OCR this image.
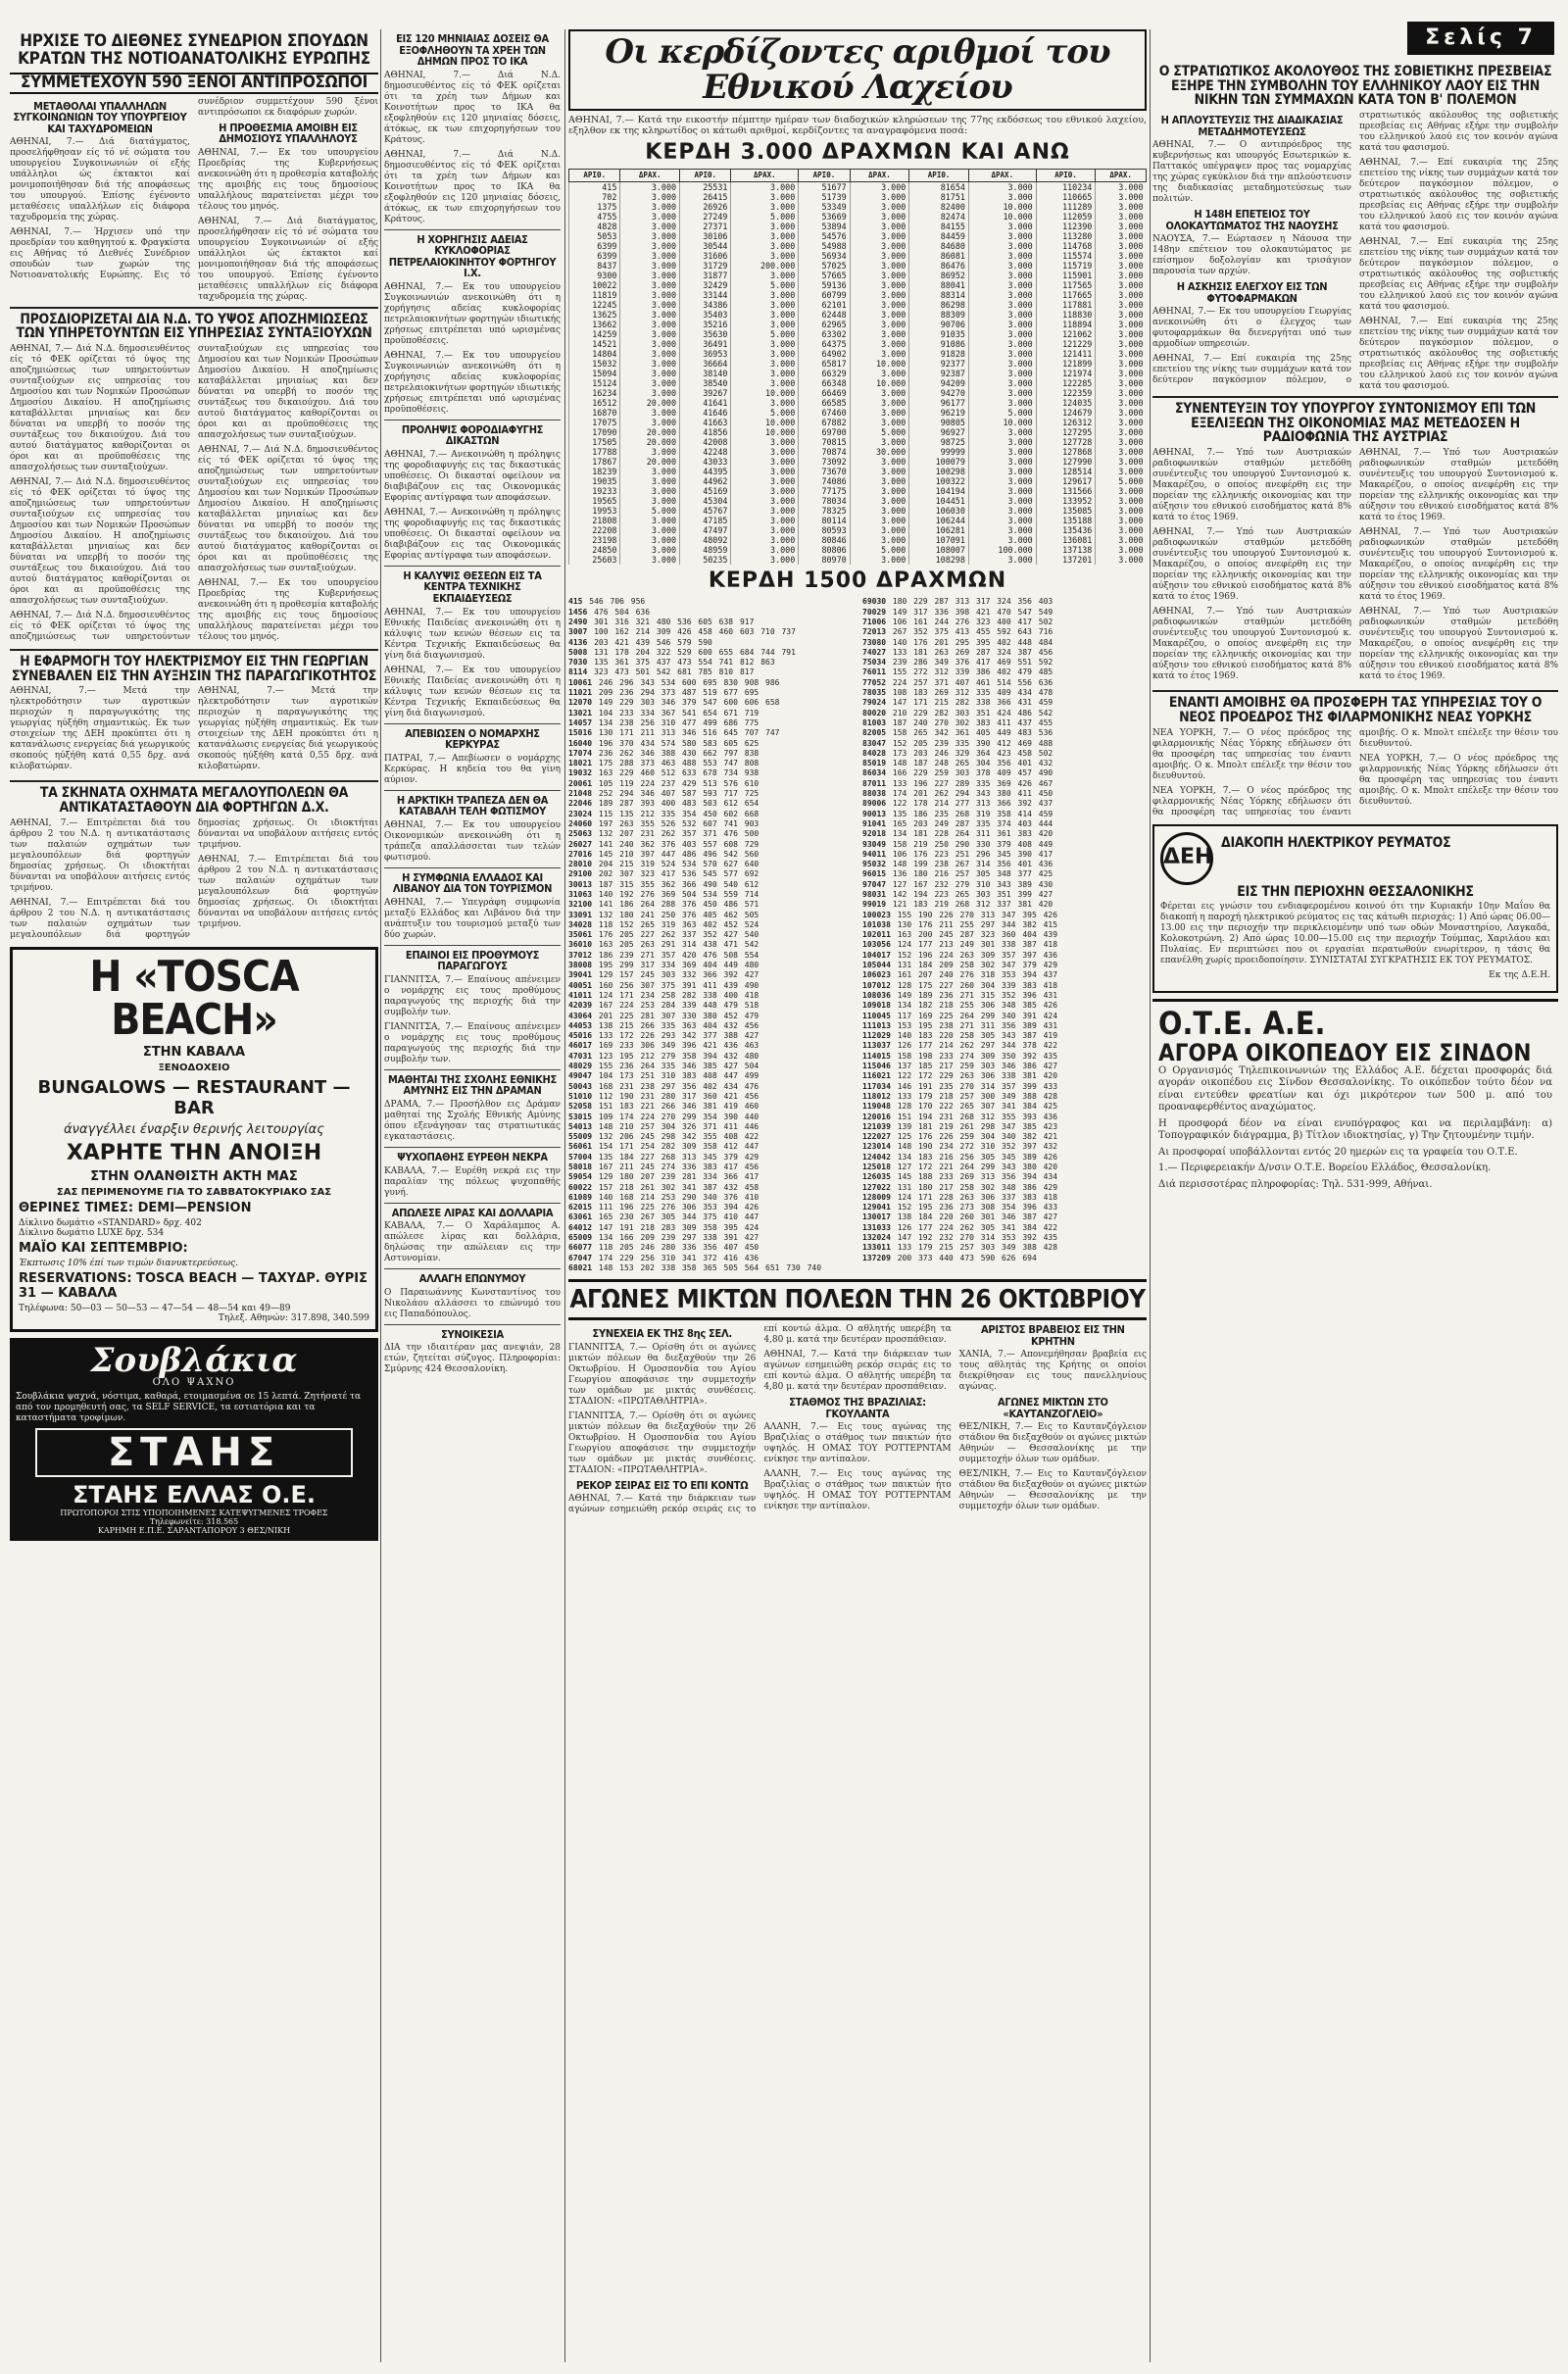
Σελίς 7
ΗΡΧΙΣΕ ΤΟ ΔΙΕΘΝΕΣ ΣΥΝΕΔΡΙΟΝ ΣΠΟΥΔΩΝ ΚΡΑΤΩΝ ΤΗΣ ΝΟΤΙΟΑΝΑΤΟΛΙΚΗΣ ΕΥΡΩΠΗΣ
ΣΥΜΜΕΤΕΧΟΥΝ 590 ΞΕΝΟΙ ΑΝΤΙΠΡΟΣΩΠΟΙ
ΜΕΤΑΘΟΛΑΙ ΥΠΑΛΛΗΛΩΝ ΣΥΓΚΟΙΝΩΝΙΩΝ ΤΟΥ ΥΠΟΥΡΓΕΙΟΥ ΚΑΙ ΤΑΧΥΔΡΟΜΕΙΩΝ

ΑΘΗΝΑΙ, 7.— Διά διατάγματος, προσελήφθησαν είς τό νέ σώματα του υπουργείου Συγκοινωνιών οί εξής υπάλληλοι ώς έκτακτοι καί μονιμοποιήθησαν διά τής αποφάσεως του υπουργού. Έπίσης έγένοντο μεταθέσεις υπαλλήλων είς διάφορα ταχυδρομεία της χώρας.

ΑΘΗΝΑΙ, 7.— Ήρχισεν υπό την προεδρίαν του καθηγητού κ. Φραγκίστα εις Αθήνας τό Διεθνές Συνέδριον σπουδών των χωρών της Νοτιοανατολικής Ευρώπης. Εις τό συνέδριον συμμετέχουν 590 ξένοι αντιπρόσωποι εκ διαφόρων χωρών.

Η ΠΡΟΘΕΣΜΙΑ ΑΜΟΙΒΗ ΕΙΣ ΔΗΜΟΣΙΟΥΣ ΥΠΑΛΛΗΛΟΥΣ

ΑΘΗΝΑΙ, 7.— Εκ του υπουργείου Προεδρίας της Κυβερνήσεως ανεκοινώθη ότι η προθεσμία καταβολής της αμοιβής εις τους δημοσίους υπαλλήλους παρατείνεται μέχρι του τέλους του μηνός.

ΑΘΗΝΑΙ, 7.— Διά διατάγματος, προσελήφθησαν είς τό νέ σώματα του υπουργείου Συγκοινωνιών οί εξής υπάλληλοι ώς έκτακτοι καί μονιμοποιήθησαν διά τής αποφάσεως του υπουργού. Έπίσης έγένοντο μεταθέσεις υπαλλήλων είς διάφορα ταχυδρομεία της χώρας.

ΠΡΟΣΔΙΟΡΙΖΕΤΑΙ ΔΙΑ Ν.Δ. ΤΟ ΥΨΟΣ ΑΠΟΖΗΜΙΩΣΕΩΣ ΤΩΝ ΥΠΗΡΕΤΟΥΝΤΩΝ ΕΙΣ ΥΠΗΡΕΣΙΑΣ ΣΥΝΤΑΞΙΟΥΧΩΝ

ΑΘΗΝΑΙ, 7.— Διά Ν.Δ. δημοσιευθέντος είς τό ΦΕΚ ορίζεται τό ύψος της αποζημιώσεως των υπηρετούντων συνταξιούχων εις υπηρεσίας του Δημοσίου και των Νομικών Προσώπων Δημοσίου Δικαίου. Η αποζημίωσις καταβάλλεται μηνιαίως και δεν δύναται να υπερβή το ποσόν της συντάξεως του δικαιούχου. Διά του αυτού διατάγματος καθορίζονται οι όροι και αι προϋποθέσεις της απασχολήσεως των συνταξιούχων.

ΑΘΗΝΑΙ, 7.— Διά Ν.Δ. δημοσιευθέντος είς τό ΦΕΚ ορίζεται τό ύψος της αποζημιώσεως των υπηρετούντων συνταξιούχων εις υπηρεσίας του Δημοσίου και των Νομικών Προσώπων Δημοσίου Δικαίου. Η αποζημίωσις καταβάλλεται μηνιαίως και δεν δύναται να υπερβή το ποσόν της συντάξεως του δικαιούχου. Διά του αυτού διατάγματος καθορίζονται οι όροι και αι προϋποθέσεις της απασχολήσεως των συνταξιούχων.

ΑΘΗΝΑΙ, 7.— Διά Ν.Δ. δημοσιευθέντος είς τό ΦΕΚ ορίζεται τό ύψος της αποζημιώσεως των υπηρετούντων συνταξιούχων εις υπηρεσίας του Δημοσίου και των Νομικών Προσώπων Δημοσίου Δικαίου. Η αποζημίωσις καταβάλλεται μηνιαίως και δεν δύναται να υπερβή το ποσόν της συντάξεως του δικαιούχου. Διά του αυτού διατάγματος καθορίζονται οι όροι και αι προϋποθέσεις της απασχολήσεως των συνταξιούχων.

ΑΘΗΝΑΙ, 7.— Διά Ν.Δ. δημοσιευθέντος είς τό ΦΕΚ ορίζεται τό ύψος της αποζημιώσεως των υπηρετούντων συνταξιούχων εις υπηρεσίας του Δημοσίου και των Νομικών Προσώπων Δημοσίου Δικαίου. Η αποζημίωσις καταβάλλεται μηνιαίως και δεν δύναται να υπερβή το ποσόν της συντάξεως του δικαιούχου. Διά του αυτού διατάγματος καθορίζονται οι όροι και αι προϋποθέσεις της απασχολήσεως των συνταξιούχων.

ΑΘΗΝΑΙ, 7.— Εκ του υπουργείου Προεδρίας της Κυβερνήσεως ανεκοινώθη ότι η προθεσμία καταβολής της αμοιβής εις τους δημοσίους υπαλλήλους παρατείνεται μέχρι του τέλους του μηνός.

Η ΕΦΑΡΜΟΓΗ ΤΟΥ ΗΛΕΚΤΡΙΣΜΟΥ ΕΙΣ ΤΗΝ ΓΕΩΡΓΙΑΝ ΣΥΝΕΒΑΛΕΝ ΕΙΣ ΤΗΝ ΑΥΞΗΣΙΝ ΤΗΣ ΠΑΡΑΓΩΓΙΚΟΤΗΤΟΣ

ΑΘΗΝΑΙ, 7.— Μετά την ηλεκτροδότησιν των αγροτικών περιοχών η παραγωγικότης της γεωργίας ηύξήθη σημαντικώς. Εκ των στοιχείων της ΔΕΗ προκύπτει ότι η κατανάλωσις ενεργείας διά γεωργικούς σκοπούς ηύξήθη κατά 0,55 δρχ. ανά κιλοβατώραν.

ΑΘΗΝΑΙ, 7.— Μετά την ηλεκτροδότησιν των αγροτικών περιοχών η παραγωγικότης της γεωργίας ηύξήθη σημαντικώς. Εκ των στοιχείων της ΔΕΗ προκύπτει ότι η κατανάλωσις ενεργείας διά γεωργικούς σκοπούς ηύξήθη κατά 0,55 δρχ. ανά κιλοβατώραν.

ΤΑ ΣΚΗΝΑΤΑ ΟΧΗΜΑΤΑ ΜΕΓΑΛΟΥΠΟΛΕΩΝ ΘΑ ΑΝΤΙΚΑΤΑΣΤΑΘΟΥΝ ΔΙΑ ΦΟΡΤΗΓΩΝ Δ.Χ.

ΑΘΗΝΑΙ, 7.— Επιτρέπεται διά του άρθρου 2 του Ν.Δ. η αντικατάστασις των παλαιών οχημάτων των μεγαλουπόλεων διά φορτηγών δημοσίας χρήσεως. Οι ιδιοκτήται δύνανται να υποβάλουν αιτήσεις εντός τριμήνου.

ΑΘΗΝΑΙ, 7.— Επιτρέπεται διά του άρθρου 2 του Ν.Δ. η αντικατάστασις των παλαιών οχημάτων των μεγαλουπόλεων διά φορτηγών δημοσίας χρήσεως. Οι ιδιοκτήται δύνανται να υποβάλουν αιτήσεις εντός τριμήνου.

ΑΘΗΝΑΙ, 7.— Επιτρέπεται διά του άρθρου 2 του Ν.Δ. η αντικατάστασις των παλαιών οχημάτων των μεγαλουπόλεων διά φορτηγών δημοσίας χρήσεως. Οι ιδιοκτήται δύνανται να υποβάλουν αιτήσεις εντός τριμήνου.

Η «TOSCA BEACH»
ΣΤΗΝ ΚΑΒΑΛΑ
ΞΕΝΟΔΟΧΕΙΟ
BUNGALOWS — RESTAURANT — BAR
άναγγέλλει έναρξιν θερινής λειτουργίας
ΧΑΡΗΤΕ ΤΗΝ ΑΝΟΙΞΗ
ΣΤΗΝ ΟΛΑΝΘΙΣΤΗ ΑΚΤΗ ΜΑΣ
ΣΑΣ ΠΕΡΙΜΕΝΟΥΜΕ ΓΙΑ ΤΟ ΣΑΒΒΑΤΟΚΥΡΙΑΚΟ ΣΑΣ
ΘΕΡΙΝΕΣ ΤΙΜΕΣ: DEMI—PENSION
Δίκλινο δωμάτιο «STANDARD» δρχ. 402
Δίκλινο δωμάτιο LUXE δρχ. 534
ΜΑΪΟ ΚΑΙ ΣΕΠΤΕΜΒΡΙΟ:
Έκπτωσις 10% έπί των τιμών διανυκτερεύσεως.
RESERVATIONS: TOSCA BEACH — ΤΑΧΥΔΡ. ΘΥΡΙΣ 31 — ΚΑΒΑΛΑ
Τηλέφωνα: 50—03 — 50—53 — 47—54 — 48—54 και 49—89
Τηλεξ. Αθηνών: 317.898, 340.599
Σουβλάκια
ΟΛΟ ΨΑΧΝΟ
Σουβλάκια ψαχνά, νόστιμα, καθαρά, ετοιμασμένα σε 15 λεπτά. Ζητήσατέ τα από τον προμηθευτή σας, τα SELF SERVICE, τα εστιατόρια και τα καταστήματα τροφίμων.
ΣΤΑΗΣ
ΣΤΑΗΣ ΕΛΛΑΣ Ο.Ε.
ΠΡΩΤΟΠΟΡΟΙ ΣΤΙΣ ΥΠΟΠΟΙΗΜΕΝΕΣ ΚΑΤΕΨΥΓΜΕΝΕΣ ΤΡΟΦΕΣ
Τηλεφωνείτε: 318.565
ΚΑΡΗΜΗ Ε.Π.Ε. ΣΑΡΑΝΤΑΠΟΡΟΥ 3 ΘΕΣ/ΝΙΚΗ
ΕΙΣ 120 ΜΗΝΙΑΙΑΣ ΔΟΣΕΙΣ ΘΑ ΕΞΟΦΛΗΘΟΥΝ ΤΑ ΧΡΕΗ ΤΩΝ ΔΗΜΩΝ ΠΡΟΣ ΤΟ ΙΚΑ

ΑΘΗΝΑΙ, 7.— Διά Ν.Δ. δημοσιευθέντος είς τό ΦΕΚ ορίζεται ότι τα χρέη των Δήμων και Κοινοτήτων προς το ΙΚΑ θα εξοφληθούν εις 120 μηνιαίας δόσεις, άτόκως, εκ των επιχορηγήσεων του Κράτους.

ΑΘΗΝΑΙ, 7.— Διά Ν.Δ. δημοσιευθέντος είς τό ΦΕΚ ορίζεται ότι τα χρέη των Δήμων και Κοινοτήτων προς το ΙΚΑ θα εξοφληθούν εις 120 μηνιαίας δόσεις, άτόκως, εκ των επιχορηγήσεων του Κράτους.

Η ΧΟΡΗΓΗΣΙΣ ΑΔΕΙΑΣ ΚΥΚΛΟΦΟΡΙΑΣ ΠΕΤΡΕΛΑΙΟΚΙΝΗΤΟΥ ΦΟΡΤΗΓΟΥ Ι.Χ.

ΑΘΗΝΑΙ, 7.— Εκ του υπουργείου Συγκοινωνιών ανεκοινώθη ότι η χορήγησις αδείας κυκλοφορίας πετρελαιοκινήτων φορτηγών ιδιωτικής χρήσεως επιτρέπεται υπό ωρισμένας προϋποθέσεις.

ΑΘΗΝΑΙ, 7.— Εκ του υπουργείου Συγκοινωνιών ανεκοινώθη ότι η χορήγησις αδείας κυκλοφορίας πετρελαιοκινήτων φορτηγών ιδιωτικής χρήσεως επιτρέπεται υπό ωρισμένας προϋποθέσεις.

ΠΡΟΛΗΨΙΣ ΦΟΡΟΔΙΑΦΥΓΗΣ ΔΙΚΑΣΤΩΝ

ΑΘΗΝΑΙ, 7.— Ανεκοινώθη η πρόληψις της φοροδιαφυγής εις τας δικαστικάς υποθέσεις. Οι δικασταί οφείλουν να διαβιβάζουν εις τας Οικονομικάς Εφορίας αντίγραφα των αποφάσεων.

ΑΘΗΝΑΙ, 7.— Ανεκοινώθη η πρόληψις της φοροδιαφυγής εις τας δικαστικάς υποθέσεις. Οι δικασταί οφείλουν να διαβιβάζουν εις τας Οικονομικάς Εφορίας αντίγραφα των αποφάσεων.

Η ΚΑΛΥΨΙΣ ΘΕΣΕΩΝ ΕΙΣ ΤΑ ΚΕΝΤΡΑ ΤΕΧΝΙΚΗΣ ΕΚΠΑΙΔΕΥΣΕΩΣ

ΑΘΗΝΑΙ, 7.— Εκ του υπουργείου Εθνικής Παιδείας ανεκοινώθη ότι η κάλυψις των κενών θέσεων εις τα Κέντρα Τεχνικής Εκπαιδεύσεως θα γίνη διά διαγωνισμού.

ΑΘΗΝΑΙ, 7.— Εκ του υπουργείου Εθνικής Παιδείας ανεκοινώθη ότι η κάλυψις των κενών θέσεων εις τα Κέντρα Τεχνικής Εκπαιδεύσεως θα γίνη διά διαγωνισμού.

ΑΠΕΒΙΩΣΕΝ Ο ΝΟΜΑΡΧΗΣ ΚΕΡΚΥΡΑΣ

ΠΑΤΡΑΙ, 7.— Απεβίωσεν ο νομάρχης Κερκύρας. Η κηδεία του θα γίνη αύριον.

Η ΑΡΚΤΙΚΗ ΤΡΑΠΕΖΑ ΔΕΝ ΘΑ ΚΑΤΑΒΑΛΗ ΤΕΛΗ ΦΩΤΙΣΜΟΥ

ΑΘΗΝΑΙ, 7.— Εκ του υπουργείου Οικονομικών ανεκοινώθη ότι η τράπεζα απαλλάσσεται των τελών φωτισμού.

Η ΣΥΜΦΩΝΙΑ ΕΛΛΑΔΟΣ ΚΑΙ ΛΙΒΑΝΟΥ ΔΙΑ ΤΟΝ ΤΟΥΡΙΣΜΟΝ

ΑΘΗΝΑΙ, 7.— Υπεγράφη συμφωνία μεταξύ Ελλάδος και Λιβάνου διά την ανάπτυξιν του τουρισμού μεταξύ των δύο χωρών.

ΕΠΑΙΝΟΙ ΕΙΣ ΠΡΟΘΥΜΟΥΣ ΠΑΡΑΓΩΓΟΥΣ

ΓΙΑΝΝΙΤΣΑ, 7.— Επαίνους απένειμεν ο νομάρχης εις τους προθύμους παραγωγούς της περιοχής διά την συμβολήν των.

ΓΙΑΝΝΙΤΣΑ, 7.— Επαίνους απένειμεν ο νομάρχης εις τους προθύμους παραγωγούς της περιοχής διά την συμβολήν των.

ΜΑΘΗΤΑΙ ΤΗΣ ΣΧΟΛΗΣ ΕΘΝΙΚΗΣ ΑΜΥΝΗΣ ΕΙΣ ΤΗΝ ΔΡΑΜΑΝ

ΔΡΑΜΑ, 7.— Προσήλθον εις Δράμαν μαθηταί της Σχολής Εθνικής Αμύνης όπου εξενάγησαν τας στρατιωτικάς εγκαταστάσεις.

ΨΥΧΟΠΑΘΗΣ ΕΥΡΕΘΗ ΝΕΚΡΑ

ΚΑΒΑΛΑ, 7.— Ευρέθη νεκρά εις την παραλίαν της πόλεως ψυχοπαθής γυνή.

ΑΠΩΛΕΣΕ ΛΙΡΑΣ ΚΑΙ ΔΟΛΛΑΡΙΑ

ΚΑΒΑΛΑ, 7.— Ο Χαράλαμπος Α. απώλεσε λίρας και δολλάρια, δηλώσας την απώλειαν εις την Αστυνομίαν.

ΑΛΛΑΓΗ ΕΠΩΝΥΜΟΥ

Ο Παραιωάννης Κωνσταντίνος του Νικολάου αλλάσσει το επώνυμό του εις Παπαδόπουλος.

ΣΥΝΟΙΚΕΣΙΑ

ΔΙΑ την ιδιαιτέραν μας ανεψιάν, 28 ετών, ζητείται σύζυγος. Πληροφορίαι: Σμύρνης 424 Θεσσαλονίκη.

Οι κερδίζοντες αριθμοί του Εθνικού Λαχείου

ΑΘΗΝΑΙ, 7.— Κατά την εικοστήν πέμπτην ημέραν των διαδοχικών κληρώσεων της 77ης εκδόσεως του εθνικού λαχείου, εξηλθον εκ της κληρωτίδος οι κάτωθι αριθμοί, κερδίζοντες τα αναγραφόμενα ποσά:

ΚΕΡΔΗ 3.000 ΔΡΑΧΜΩΝ ΚΑΙ ΑΝΩ
ΑΡΙΘ.	ΔΡΑΧ.	ΑΡΙΘ.	ΔΡΑΧ.	ΑΡΙΘ.	ΔΡΑΧ.	ΑΡΙΘ.	ΔΡΑΧ.	ΑΡΙΘ.	ΔΡΑΧ.
415	3.000	25531	3.000	51677	3.000	81654	3.000	110234	3.000
702	3.000	26415	3.000	51739	3.000	81751	3.000	110665	3.000
1375	3.000	26926	3.000	53349	3.000	82400	10.000	111289	3.000
4755	3.000	27249	5.000	53669	3.000	82474	10.000	112059	3.000
4828	3.000	27371	3.000	53894	3.000	84155	3.000	112390	3.000
5053	3.000	30106	3.000	54576	3.000	84459	3.000	113280	3.000
6399	3.000	30544	3.000	54988	3.000	84680	3.000	114768	3.000
6399	3.000	31606	3.000	56934	3.000	86081	3.000	115574	3.000
8437	3.000	31729	200.000	57025	3.000	86476	3.000	115719	3.000
9300	3.000	31877	3.000	57665	3.000	86952	3.000	115901	3.000
10022	3.000	32429	5.000	59136	3.000	88041	3.000	117565	3.000
11819	3.000	33144	3.000	60799	3.000	88314	3.000	117665	3.000
12245	3.000	34386	3.000	62101	3.000	86298	3.000	117881	3.000
13625	3.000	35403	3.000	62448	3.000	88309	3.000	118830	3.000
13662	3.000	35216	3.000	62965	3.000	90706	3.000	118894	3.000
14259	3.000	35630	5.000	63302	3.000	91035	3.000	121062	3.000
14521	3.000	36491	3.000	64375	3.000	91086	3.000	121229	3.000
14804	3.000	36953	3.000	64902	3.000	91828	3.000	121411	3.000
15032	3.000	36664	3.000	65817	10.000	92377	3.000	121899	3.000
15094	3.000	38140	3.000	66329	3.000	92387	3.000	121974	3.000
15124	3.000	38540	3.000	66348	10.000	94209	3.000	122285	3.000
16234	3.000	39267	10.000	66469	3.000	94270	3.000	122359	3.000
16512	20.000	41641	3.000	66585	3.000	96177	3.000	124035	3.000
16870	3.000	41646	5.000	67460	3.000	96219	5.000	124679	3.000
17075	3.000	41663	10.000	67882	3.000	90805	10.000	126312	3.000
17090	20.000	41856	10.000	69700	5.000	96927	3.000	127295	3.000
17505	20.000	42008	3.000	70815	3.000	98725	3.000	127728	3.000
17788	3.000	42248	3.000	70874	30.000	99999	3.000	127868	3.000
17867	20.000	43033	3.000	73092	3.000	100079	3.000	127990	3.000
18239	3.000	44395	3.000	73670	3.000	100298	3.000	128514	3.000
19035	3.000	44962	3.000	74086	3.000	100322	3.000	129617	5.000
19233	3.000	45169	3.000	77175	3.000	104194	3.000	131566	3.000
19565	3.000	45304	3.000	78034	3.000	104451	3.000	133952	3.000
19953	5.000	45767	3.000	78325	3.000	106030	3.000	135085	3.000
21808	3.000	47185	3.000	80114	3.000	106244	3.000	135188	3.000
22208	3.000	47497	3.000	80593	3.000	106281	3.000	135436	3.000
23198	3.000	48092	3.000	80846	3.000	107091	3.000	136081	3.000
24850	3.000	48959	3.000	80806	5.000	108007	100.000	137138	3.000
25603	3.000	50235	3.000	80970	3.000	108298	3.000	137201	3.000
ΚΕΡΔΗ 1500 ΔΡΑΧΜΩΝ
415 546 706 956
1456 476 504 636
2490 301 316 321 480 536 605 638 917
3007 100 162 214 309 426 458 460 603 710 737
4136 203 421 439 546 579 590
5008 131 178 204 322 529 600 655 684 744 791
7030 135 361 375 437 473 554 741 812 863
8114 323 473 501 542 681 785 810 817
10061 246 296 343 534 600 695 830 908 986
11021 209 236 294 373 487 519 677 695
12070 149 229 303 346 379 547 600 606 658
13021 104 233 334 367 541 654 671 719
14057 134 238 256 310 477 499 686 775
15016 130 171 211 313 346 516 645 707 747
16040 196 370 434 574 580 583 605 625
17074 236 262 346 388 430 662 797 838
18021 175 288 373 463 488 553 747 808
19032 163 229 460 512 633 678 734 938
20061 105 119 224 237 429 513 576 610
21048 252 294 346 407 587 593 717 725
22046 189 287 393 400 483 503 612 654
23024 115 135 212 335 354 450 602 668
24060 197 263 355 526 532 607 741 903
25063 132 207 231 262 357 371 476 500
26027 141 240 362 376 403 557 608 729
27016 145 210 397 447 486 496 542 560
28010 204 215 319 524 534 570 627 640
29100 202 307 323 417 536 545 577 692
30013 187 315 355 362 366 490 540 612
31063 140 192 276 369 504 534 559 714
32100 141 186 264 288 376 450 486 571
33091 132 180 241 250 376 405 462 505
34028 118 152 265 319 363 402 452 524
35061 176 205 227 262 337 352 427 540
36010 163 205 263 291 314 438 471 542
37012 186 239 271 357 420 476 508 554
38008 195 299 317 334 369 404 449 480
39041 129 157 245 303 332 366 392 427
40051 160 256 307 375 391 411 439 490
41011 124 171 234 258 282 338 400 418
42039 167 224 253 284 339 448 479 518
43064 201 225 281 307 330 380 452 479
44053 138 215 266 335 363 404 432 456
45016 133 172 226 293 342 377 388 427
46017 169 233 306 349 396 421 436 463
47031 123 195 212 279 358 394 432 480
48029 155 236 264 335 346 385 427 504
49047 104 173 251 310 383 408 447 499
50043 168 231 238 297 356 402 434 476
51010 112 190 231 280 317 360 421 456
52058 151 183 221 266 346 381 419 460
53015 109 174 224 270 299 354 390 440
54013 148 210 257 304 326 371 411 446
55009 132 206 245 298 342 355 408 422
56061 154 171 254 282 309 358 412 447
57004 135 184 227 268 313 345 379 429
58018 167 211 245 274 336 383 417 456
59054 129 180 207 239 281 334 366 417
60022 157 218 261 302 341 387 432 458
61089 140 168 214 253 290 340 376 410
62015 111 196 225 276 306 353 394 426
63061 165 230 267 305 344 375 410 447
64012 147 191 218 283 309 358 395 424
65009 134 166 209 239 297 338 391 427
66077 118 205 246 280 336 356 407 450
67047 174 229 256 310 341 372 416 436
68021 148 153 202 338 358 365 505 564 651 730 740
69030 180 229 287 313 317 324 356 403
70029 149 317 336 398 421 470 547 549
71006 106 161 244 276 323 400 417 502
72013 267 352 375 413 455 592 643 716
73080 140 176 201 295 395 402 448 484
74027 133 181 263 269 287 324 387 456
75034 239 286 349 376 417 469 551 592
76011 155 272 312 339 386 402 479 485
77052 224 257 371 407 461 514 556 636
78035 108 183 269 312 335 409 434 478
79024 147 171 215 282 338 366 431 459
80020 210 229 282 303 351 424 486 542
81003 187 240 270 302 383 411 437 455
82005 158 265 342 361 405 449 483 536
83047 152 205 239 335 390 412 469 488
84028 173 203 246 329 364 423 458 502
85019 148 187 248 265 304 356 401 432
86034 166 229 259 303 378 409 457 490
87011 133 196 227 289 335 369 426 467
88038 174 201 262 294 343 380 411 450
89006 122 178 214 277 313 366 392 437
90013 135 186 235 268 319 358 414 459
91041 165 203 249 287 335 374 403 444
92018 134 181 228 264 311 361 383 420
93049 158 219 250 290 330 379 408 449
94011 106 176 223 251 296 345 390 417
95032 148 199 238 267 314 356 401 436
96015 136 180 216 257 305 348 377 425
97047 127 167 232 279 310 343 389 430
98031 142 194 223 265 303 351 399 427
99019 121 183 219 268 312 337 381 420
100023 155 190 226 270 313 347 395 426
101038 130 176 211 255 297 344 382 415
102011 163 200 245 287 323 360 404 439
103056 124 177 213 249 301 338 387 418
104017 152 196 224 263 309 357 397 436
105044 131 184 209 258 302 347 379 429
106023 161 207 240 276 318 353 394 437
107012 128 175 227 260 304 339 383 418
108036 149 189 236 271 315 352 396 431
109018 134 182 218 255 306 348 385 426
110045 117 169 225 264 299 340 391 424
111013 153 195 238 271 311 356 389 431
112029 140 183 220 258 305 343 387 419
113037 126 177 214 262 297 344 378 422
114015 158 198 233 274 309 350 392 435
115046 137 185 217 259 303 346 386 427
116021 122 172 229 263 306 338 381 420
117034 146 191 235 270 314 357 399 433
118012 133 179 218 257 300 349 388 428
119048 128 170 222 265 307 341 384 425
120016 151 194 231 268 312 355 393 436
121039 139 181 219 261 298 347 385 423
122027 125 176 226 259 304 340 382 421
123014 148 190 234 272 310 352 397 432
124042 134 183 216 256 305 345 389 426
125018 127 172 221 264 299 343 380 420
126035 145 188 233 269 313 356 394 434
127022 131 180 217 258 302 348 386 429
128009 124 171 228 263 306 337 383 418
129041 152 195 236 273 308 354 396 433
130017 138 184 220 260 301 346 387 427
131033 126 177 224 262 305 341 384 422
132024 147 192 232 270 314 353 392 435
133011 133 179 215 257 303 349 388 428
137209 200 373 440 473 590 626 694
ΑΓΩΝΕΣ ΜΙΚΤΩΝ ΠΟΛΕΩΝ ΤΗΝ 26 ΟΚΤΩΒΡΙΟΥ
ΣΥΝΕΧΕΙΑ ΕΚ ΤΗΣ 8ης ΣΕΛ.

ΓΙΑΝΝΙΤΣΑ, 7.— Ορίσθη ότι οι αγώνες μικτών πόλεων θα διεξαχθούν την 26 Οκτωβρίου. Η Ομοσπονδία του Αγίου Γεωργίου αποφάσισε την συμμετοχήν των ομάδων με μικτάς συνθέσεις. ΣΤΑΔΙΟΝ: «ΠΡΩΤΑΘΛΗΤΡΙΑ».

ΓΙΑΝΝΙΤΣΑ, 7.— Ορίσθη ότι οι αγώνες μικτών πόλεων θα διεξαχθούν την 26 Οκτωβρίου. Η Ομοσπονδία του Αγίου Γεωργίου αποφάσισε την συμμετοχήν των ομάδων με μικτάς συνθέσεις. ΣΤΑΔΙΟΝ: «ΠΡΩΤΑΘΛΗΤΡΙΑ».

ΡΕΚΟΡ ΣΕΙΡΑΣ ΕΙΣ ΤΟ ΕΠΙ ΚΟΝΤΩ

ΑΘΗΝΑΙ, 7.— Κατά την διάρκειαν των αγώνων εσημειώθη ρεκόρ σειράς εις το επί κοντώ άλμα. Ο αθλητής υπερέβη τα 4,80 μ. κατά την δευτέραν προσπάθειαν.

ΑΘΗΝΑΙ, 7.— Κατά την διάρκειαν των αγώνων εσημειώθη ρεκόρ σειράς εις το επί κοντώ άλμα. Ο αθλητής υπερέβη τα 4,80 μ. κατά την δευτέραν προσπάθειαν.

ΣΤΑΘΜΟΣ ΤΗΣ ΒΡΑΖΙΛΙΑΣ: ΓΚΟΥΛΑΝΤΑ

ΑΛΑΝΗ, 7.— Εις τους αγώνας της Βραζιλίας ο στάθμος των παικτών ήτο υψηλός. Η ΟΜΑΣ ΤΟΥ ΡΟΤΤΕΡΝΤΑΜ ενίκησε την αντίπαλον.

ΑΛΑΝΗ, 7.— Εις τους αγώνας της Βραζιλίας ο στάθμος των παικτών ήτο υψηλός. Η ΟΜΑΣ ΤΟΥ ΡΟΤΤΕΡΝΤΑΜ ενίκησε την αντίπαλον.

ΑΡΙΣΤΟΣ ΒΡΑΒΕΙΟΣ ΕΙΣ ΤΗΝ ΚΡΗΤΗΝ

ΧΑΝΙΑ, 7.— Απονεμήθησαν βραβεία εις τους αθλητάς της Κρήτης οι οποίοι διεκρίθησαν εις τους πανελληνίους αγώνας.

ΑΓΩΝΕΣ ΜΙΚΤΩΝ ΣΤΟ «ΚΑΥΤΑΝΖΟΓΛΕΙΟ»

ΘΕΣ/ΝΙΚΗ, 7.— Εις το Καυτανζόγλειον στάδιον θα διεξαχθούν οι αγώνες μικτών Αθηνών — Θεσσαλονίκης με την συμμετοχήν όλων των ομάδων.

ΘΕΣ/ΝΙΚΗ, 7.— Εις το Καυτανζόγλειον στάδιον θα διεξαχθούν οι αγώνες μικτών Αθηνών — Θεσσαλονίκης με την συμμετοχήν όλων των ομάδων.

Ο ΣΤΡΑΤΙΩΤΙΚΟΣ ΑΚΟΛΟΥΘΟΣ ΤΗΣ ΣΟΒΙΕΤΙΚΗΣ ΠΡΕΣΒΕΙΑΣ ΕΞΗΡΕ ΤΗΝ ΣΥΜΒΟΛΗΝ ΤΟΥ ΕΛΛΗΝΙΚΟΥ ΛΑΟΥ ΕΙΣ ΤΗΝ ΝΙΚΗΝ ΤΩΝ ΣΥΜΜΑΧΩΝ ΚΑΤΑ ΤΟΝ Β' ΠΟΛΕΜΟΝ
Η ΑΠΛΟΥΣΤΕΥΣΙΣ ΤΗΣ ΔΙΑΔΙΚΑΣΙΑΣ ΜΕΤΑΔΗΜΟΤΕΥΣΕΩΣ

ΑΘΗΝΑΙ, 7.— Ο αντιπρόεδρος της κυβερνήσεως και υπουργός Εσωτερικών κ. Παττακός υπέγραψεν προς τας νομαρχίας της χώρας εγκύκλιον διά την απλούστευσιν της διαδικασίας μεταδημοτεύσεως των πολιτών.

Η 148Η ΕΠΕΤΕΙΟΣ ΤΟΥ ΟΛΟΚΑΥΤΩΜΑΤΟΣ ΤΗΣ ΝΑΟΥΣΗΣ

ΝΑΟΥΣΑ, 7.— Εώρτασεν η Νάουσα την 148ην επέτειον του ολοκαυτώματος με επίσημον δοξολογίαν και τρισάγιον παρουσία των αρχών.

Η ΑΣΚΗΣΙΣ ΕΛΕΓΧΟΥ ΕΙΣ ΤΩΝ ΦΥΤΟΦΑΡΜΑΚΩΝ

ΑΘΗΝΑΙ, 7.— Εκ του υπουργείου Γεωργίας ανεκοινώθη ότι ο έλεγχος των φυτοφαρμάκων θα διενεργήται υπό των αρμοδίων υπηρεσιών.

ΑΘΗΝΑΙ, 7.— Επί ευκαιρία της 25ης επετείου της νίκης των συμμάχων κατά τον δεύτερον παγκόσμιον πόλεμον, ο στρατιωτικός ακόλουθος της σοβιετικής πρεσβείας εις Αθήνας εξήρε την συμβολήν του ελληνικού λαού εις τον κοινόν αγώνα κατά του φασισμού.

ΑΘΗΝΑΙ, 7.— Επί ευκαιρία της 25ης επετείου της νίκης των συμμάχων κατά τον δεύτερον παγκόσμιον πόλεμον, ο στρατιωτικός ακόλουθος της σοβιετικής πρεσβείας εις Αθήνας εξήρε την συμβολήν του ελληνικού λαού εις τον κοινόν αγώνα κατά του φασισμού.

ΑΘΗΝΑΙ, 7.— Επί ευκαιρία της 25ης επετείου της νίκης των συμμάχων κατά τον δεύτερον παγκόσμιον πόλεμον, ο στρατιωτικός ακόλουθος της σοβιετικής πρεσβείας εις Αθήνας εξήρε την συμβολήν του ελληνικού λαού εις τον κοινόν αγώνα κατά του φασισμού.

ΑΘΗΝΑΙ, 7.— Επί ευκαιρία της 25ης επετείου της νίκης των συμμάχων κατά τον δεύτερον παγκόσμιον πόλεμον, ο στρατιωτικός ακόλουθος της σοβιετικής πρεσβείας εις Αθήνας εξήρε την συμβολήν του ελληνικού λαού εις τον κοινόν αγώνα κατά του φασισμού.

ΣΥΝΕΝΤΕΥΞΙΝ ΤΟΥ ΥΠΟΥΡΓΟΥ ΣΥΝΤΟΝΙΣΜΟΥ ΕΠΙ ΤΩΝ ΕΞΕΛΙΞΕΩΝ ΤΗΣ ΟΙΚΟΝΟΜΙΑΣ ΜΑΣ ΜΕΤΕΔΟΣΕΝ Η ΡΑΔΙΟΦΩΝΙΑ ΤΗΣ ΑΥΣΤΡΙΑΣ

ΑΘΗΝΑΙ, 7.— Υπό των Αυστριακών ραδιοφωνικών σταθμών μετεδόθη συνέντευξις του υπουργού Συντονισμού κ. Μακαρέζου, ο οποίος ανεφέρθη εις την πορείαν της ελληνικής οικονομίας και την αύξησιν του εθνικού εισοδήματος κατά 8% κατά το έτος 1969.

ΑΘΗΝΑΙ, 7.— Υπό των Αυστριακών ραδιοφωνικών σταθμών μετεδόθη συνέντευξις του υπουργού Συντονισμού κ. Μακαρέζου, ο οποίος ανεφέρθη εις την πορείαν της ελληνικής οικονομίας και την αύξησιν του εθνικού εισοδήματος κατά 8% κατά το έτος 1969.

ΑΘΗΝΑΙ, 7.— Υπό των Αυστριακών ραδιοφωνικών σταθμών μετεδόθη συνέντευξις του υπουργού Συντονισμού κ. Μακαρέζου, ο οποίος ανεφέρθη εις την πορείαν της ελληνικής οικονομίας και την αύξησιν του εθνικού εισοδήματος κατά 8% κατά το έτος 1969.

ΑΘΗΝΑΙ, 7.— Υπό των Αυστριακών ραδιοφωνικών σταθμών μετεδόθη συνέντευξις του υπουργού Συντονισμού κ. Μακαρέζου, ο οποίος ανεφέρθη εις την πορείαν της ελληνικής οικονομίας και την αύξησιν του εθνικού εισοδήματος κατά 8% κατά το έτος 1969.

ΑΘΗΝΑΙ, 7.— Υπό των Αυστριακών ραδιοφωνικών σταθμών μετεδόθη συνέντευξις του υπουργού Συντονισμού κ. Μακαρέζου, ο οποίος ανεφέρθη εις την πορείαν της ελληνικής οικονομίας και την αύξησιν του εθνικού εισοδήματος κατά 8% κατά το έτος 1969.

ΑΘΗΝΑΙ, 7.— Υπό των Αυστριακών ραδιοφωνικών σταθμών μετεδόθη συνέντευξις του υπουργού Συντονισμού κ. Μακαρέζου, ο οποίος ανεφέρθη εις την πορείαν της ελληνικής οικονομίας και την αύξησιν του εθνικού εισοδήματος κατά 8% κατά το έτος 1969.

ΕΝΑΝΤΙ ΑΜΟΙΒΗΣ ΘΑ ΠΡΟΣΦΕΡΗ ΤΑΣ ΥΠΗΡΕΣΙΑΣ ΤΟΥ Ο ΝΕΟΣ ΠΡΟΕΔΡΟΣ ΤΗΣ ΦΙΛΑΡΜΟΝΙΚΗΣ ΝΕΑΣ ΥΟΡΚΗΣ

ΝΕΑ ΥΟΡΚΗ, 7.— Ο νέος πρόεδρος της φιλαρμονικής Νέας Υόρκης εδήλωσεν ότι θα προσφέρη τας υπηρεσίας του έναντι αμοιβής. Ο κ. Μπολτ επέλεξε την θέσιν του διευθυντού.

ΝΕΑ ΥΟΡΚΗ, 7.— Ο νέος πρόεδρος της φιλαρμονικής Νέας Υόρκης εδήλωσεν ότι θα προσφέρη τας υπηρεσίας του έναντι αμοιβής. Ο κ. Μπολτ επέλεξε την θέσιν του διευθυντού.

ΝΕΑ ΥΟΡΚΗ, 7.— Ο νέος πρόεδρος της φιλαρμονικής Νέας Υόρκης εδήλωσεν ότι θα προσφέρη τας υπηρεσίας του έναντι αμοιβής. Ο κ. Μπολτ επέλεξε την θέσιν του διευθυντού.

ΔΕΗ
ΔΙΑΚΟΠΗ ΗΛΕΚΤΡΙΚΟΥ ΡΕΥΜΑΤΟΣ
ΕΙΣ ΤΗΝ ΠΕΡΙΟΧΗΝ ΘΕΣΣΑΛΟΝΙΚΗΣ

Φέρεται εις γνώσιν του ενδιαφερομένου κοινού ότι την Κυριακήν 10ην Μαΐου θα διακοπή η παροχή ηλεκτρικού ρεύματος εις τας κάτωθι περιοχάς: 1) Από ώρας 06.00—13.00 εις την περιοχήν την περικλειομένην υπό των οδών Μοναστηρίου, Λαγκαδά, Κολοκοτρώνη. 2) Από ώρας 10.00—15.00 εις την περιοχήν Τούμπας, Χαριλάου και Πυλαίας. Εν περιπτώσει που οι εργασίαι περατωθούν ενωρίτερον, η τάσις θα επανέλθη χωρίς προειδοποίησιν. ΣΥΝΙΣΤΑΤΑΙ ΣΥΓΚΡΑΤΗΣΙΣ ΕΚ ΤΟΥ ΡΕΥΜΑΤΟΣ.

Εκ της Δ.Ε.Η.

Ο.Τ.Ε. Α.Ε.
ΑΓΟΡΑ ΟΙΚΟΠΕΔΟΥ ΕΙΣ ΣΙΝΔΟΝ

Ο Οργανισμός Τηλεπικοινωνιών της Ελλάδος Α.Ε. δέχεται προσφοράς διά αγοράν οικοπέδου εις Σίνδον Θεσσαλονίκης. Το οικόπεδον τούτο δέον να είναι εντεύθεν φρεατίων και όχι μικρότερον των 500 μ. από του προαναφερθέντος αναχώματος.

Η προσφορά δέον να είναι ενυπόγραφος και να περιλαμβάνη: α) Τοπογραφικόν διάγραμμα, β) Τίτλον ιδιοκτησίας, γ) Την ζητουμένην τιμήν.

Αι προσφοραί υποβάλλονται εντός 20 ημερών εις τα γραφεία του Ο.Τ.Ε.

1.— Περιφερειακήν Δ/νσιν Ο.Τ.Ε. Βορείου Ελλάδος, Θεσσαλονίκη.

Διά περισσοτέρας πληροφορίας: Τηλ. 531-999, Αθήναι.
